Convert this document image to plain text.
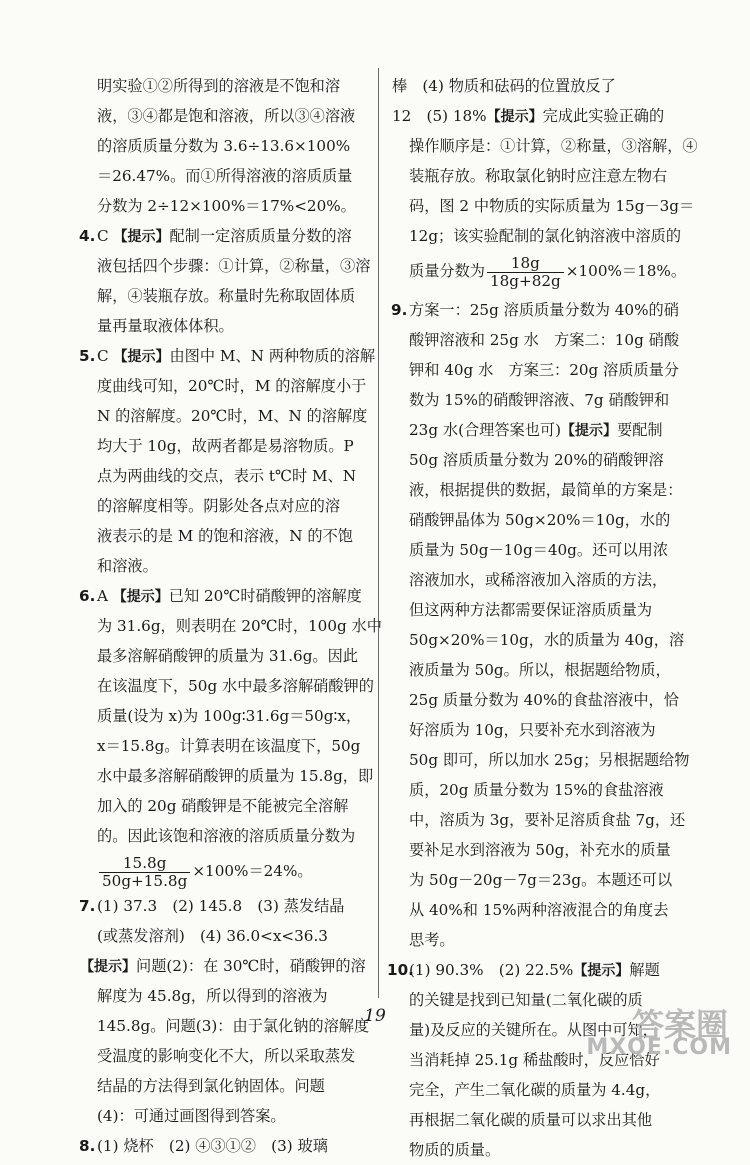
明实验①②所得到的溶液是不饱和溶
液，③④都是饱和溶液，所以③④溶液
的溶质质量分数为 3.6÷13.6×100%
＝26.47%。而①所得溶液的溶质质量
分数为 2÷12×100%＝17%<20%。
4. C 【提示】配制一定溶质质量分数的溶
液包括四个步骤：①计算，②称量，③溶
解，④装瓶存放。称量时先称取固体质
量再量取液体体积。
5. C 【提示】由图中 M、N 两种物质的溶解
度曲线可知，20℃时，M 的溶解度小于
N 的溶解度。20℃时，M、N 的溶解度
均大于 10g，故两者都是易溶物质。P
点为两曲线的交点，表示 t℃时 M、N
的溶解度相等。阴影处各点对应的溶
液表示的是 M 的饱和溶液，N 的不饱
和溶液。
6. A 【提示】已知 20℃时硝酸钾的溶解度
为 31.6g，则表明在 20℃时，100g 水中
最多溶解硝酸钾的质量为 31.6g。因此
在该温度下，50g 水中最多溶解硝酸钾的
质量(设为 x)为 100g∶31.6g＝50g∶x，
x＝15.8g。计算表明在该温度下，50g
水中最多溶解硝酸钾的质量为 15.8g，即
加入的 20g 硝酸钾是不能被完全溶解
的。因此该饱和溶液的溶质质量分数为
$\frac{15.8g}{50g+15.8g} \times 100\%=24\%$。
7. (1) 37.3　(2) 145.8　(3) 蒸发结晶
(或蒸发溶剂)　(4) 36.0<x<36.3
【提示】问题(2)：在 30℃时，硝酸钾的溶
解度为 45.8g，所以得到的溶液为
145.8g。问题(3)：由于氯化钠的溶解度
受温度的影响变化不大，所以采取蒸发
结晶的方法得到氯化钠固体。问题
(4)：可通过画图得到答案。
8. (1) 烧杯　(2) ④③①②　(3) 玻璃
棒　(4) 物质和砝码的位置放反了
12　(5) 18%【提示】完成此实验正确的
操作顺序是：①计算，②称量，③溶解，④
装瓶存放。称取氯化钠时应注意左物右
码，图 2 中物质的实际质量为 15g－3g＝
12g；该实验配制的氯化钠溶液中溶质的
质量分数为 $\frac{18g}{18g+82g} \times 100\%=18\%$。
9. 方案一：25g 溶质质量分数为 40%的硝
酸钾溶液和 25g 水　方案二：10g 硝酸
钾和 40g 水　方案三：20g 溶质质量分
数为 15%的硝酸钾溶液、7g 硝酸钾和
23g 水(合理答案也可)【提示】要配制
50g 溶质质量分数为 20%的硝酸钾溶
液，根据提供的数据，最简单的方案是：
硝酸钾晶体为 50g×20%＝10g，水的
质量为 50g－10g＝40g。还可以用浓
溶液加水，或稀溶液加入溶质的方法，
但这两种方法都需要保证溶质质量为
50g×20%＝10g，水的质量为 40g，溶
液质量为 50g。所以，根据题给物质，
25g 质量分数为 40%的食盐溶液中，恰
好溶质为 10g，只要补充水到溶液为
50g 即可，所以加水 25g；另根据题给物
质，20g 质量分数为 15%的食盐溶液
中，溶质为 3g，要补足溶质食盐 7g，还
要补足水到溶液为 50g，补充水的质量
为 50g－20g－7g＝23g。本题还可以
从 40%和 15%两种溶液混合的角度去
思考。
10.(1) 90.3%　(2) 22.5%【提示】解题
的关键是找到已知量(二氧化碳的质
量)及反应的关键所在。从图中可知，
当消耗掉 25.1g 稀盐酸时，反应恰好
完全，产生二氧化碳的质量为 4.4g，
再根据二氧化碳的质量可以求出其他
物质的质量。
19	答案圈
MXQE.COM
